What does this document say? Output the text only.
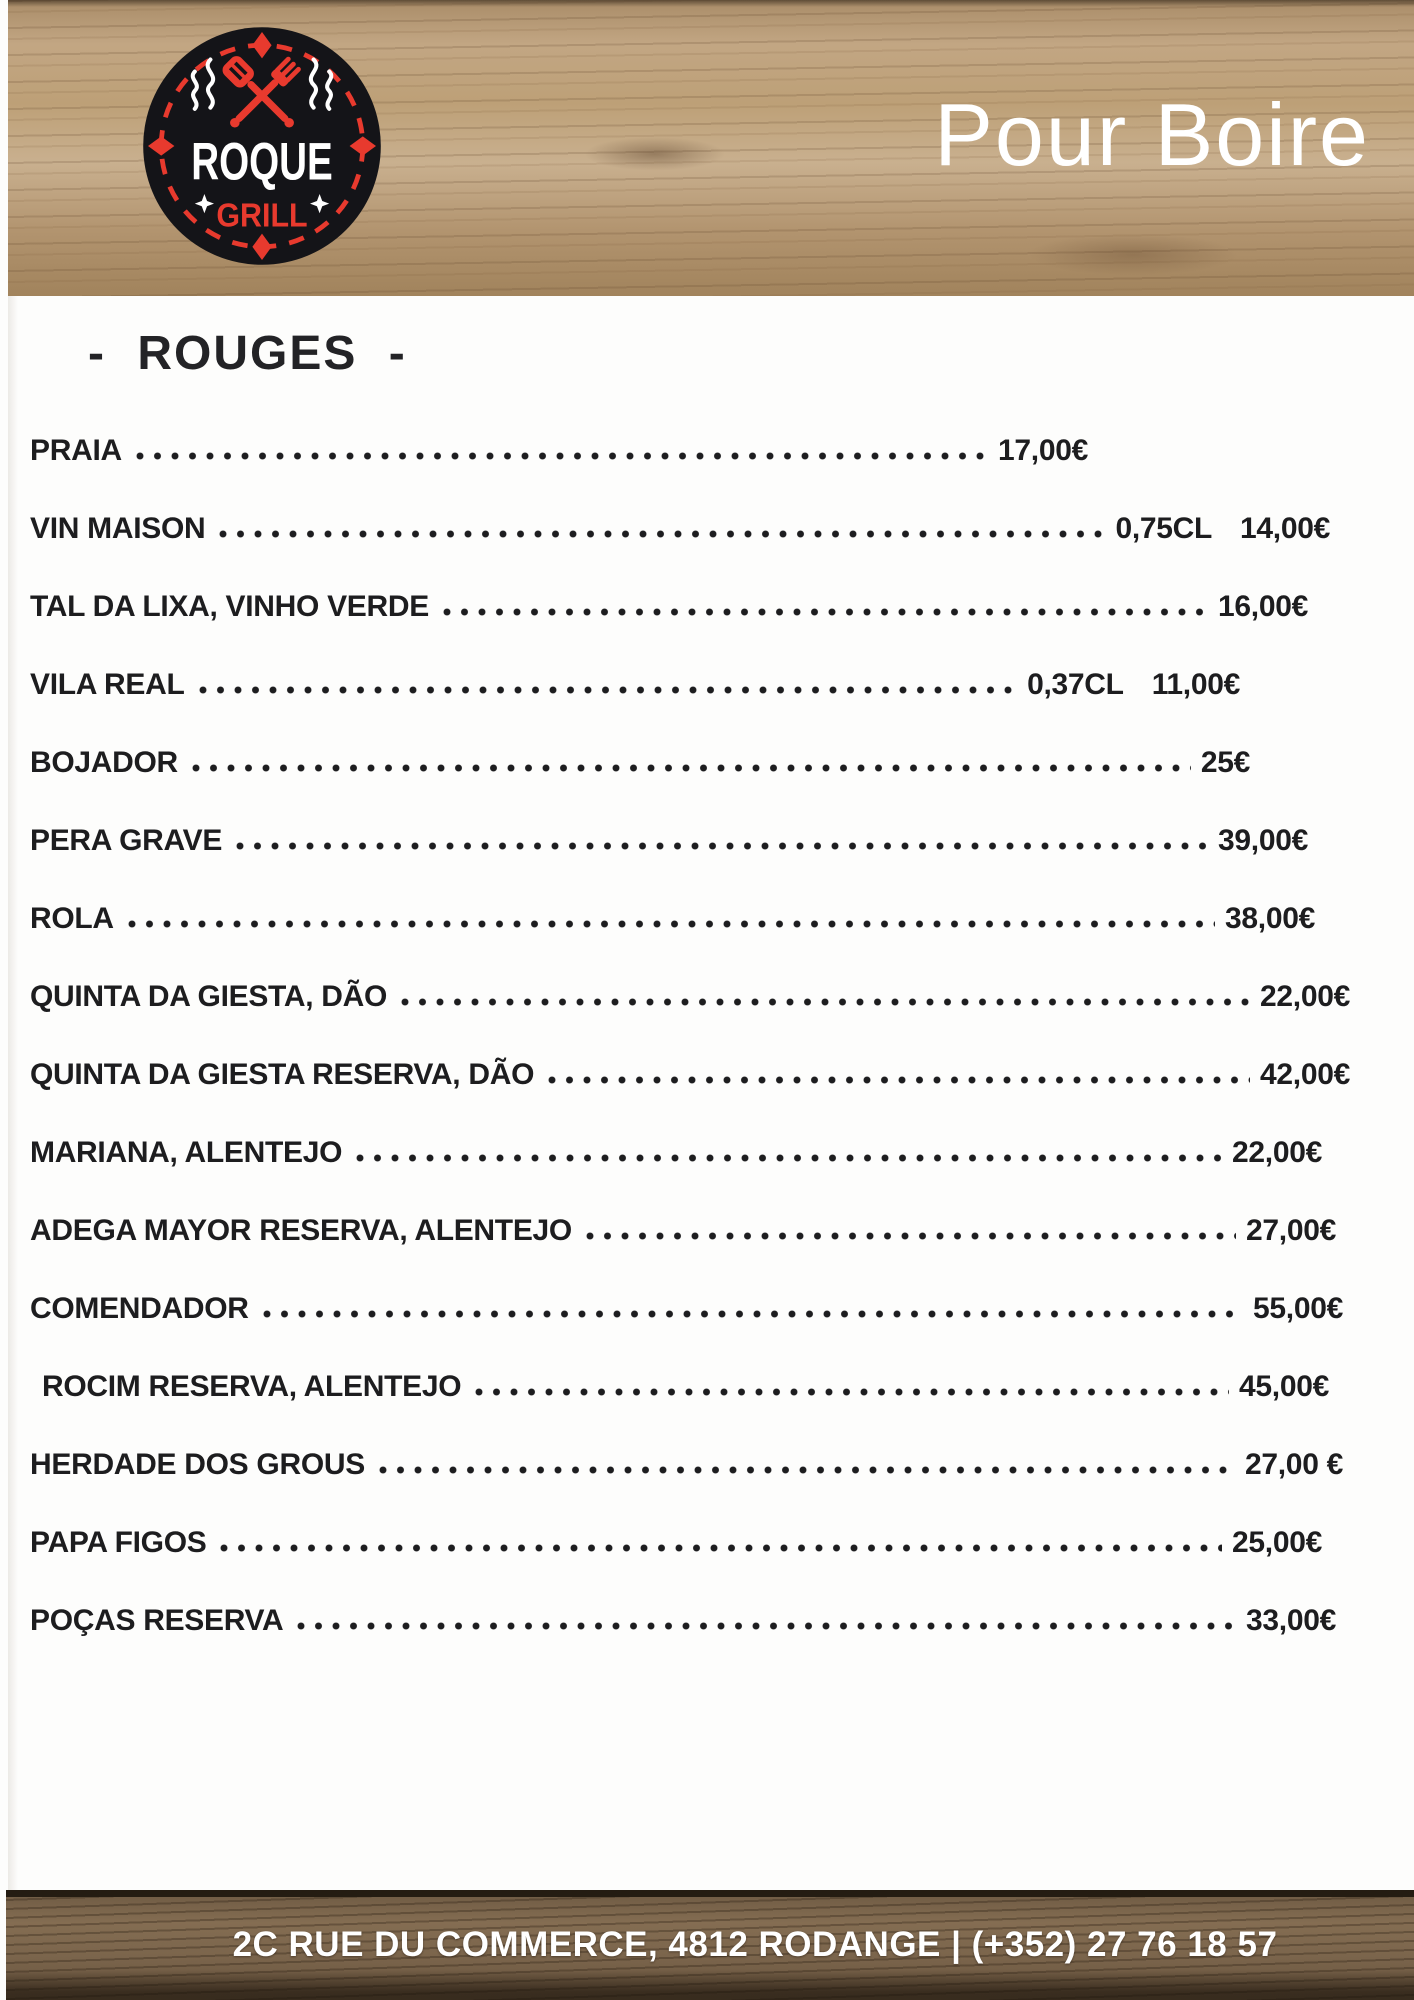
ROQUE
GRILL
Pour Boire
- ROUGES -
PRAIA	17,00€
VIN MAISON	0,75CL 14,00€
TAL DA LIXA, VINHO VERDE	16,00€
VILA REAL	0,37CL 11,00€
BOJADOR	25€
PERA GRAVE	39,00€
ROLA	38,00€
QUINTA DA GIESTA, DÃO	22,00€
QUINTA DA GIESTA RESERVA, DÃO	42,00€
MARIANA, ALENTEJO	22,00€
ADEGA MAYOR RESERVA, ALENTEJO	27,00€
COMENDADOR	55,00€
ROCIM RESERVA, ALENTEJO	45,00€
HERDADE DOS GROUS	27,00 €
PAPA FIGOS	25,00€
POÇAS RESERVA	33,00€
2C RUE DU COMMERCE, 4812 RODANGE | (+352) 27 76 18 57
